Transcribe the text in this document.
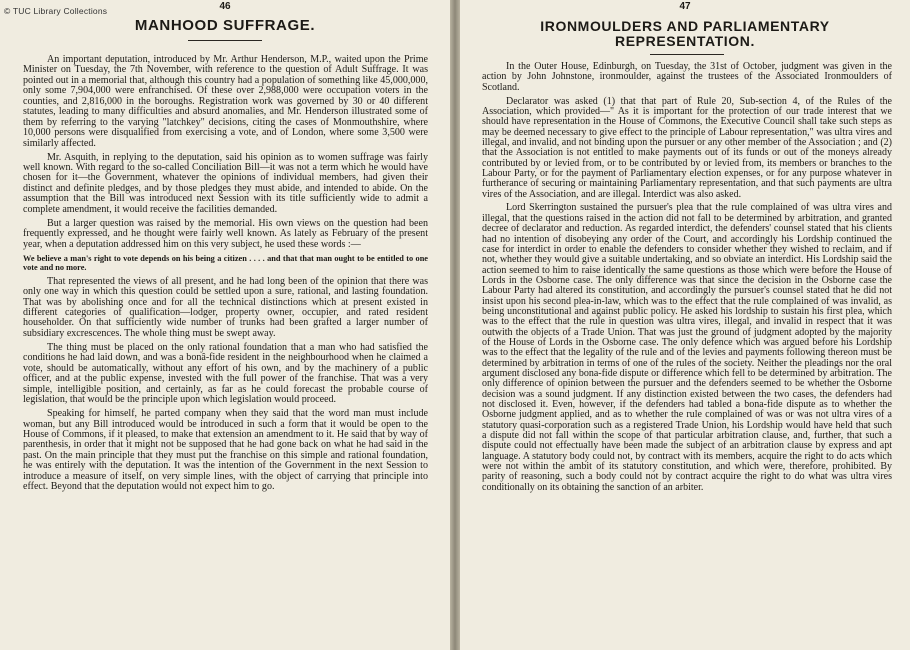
© TUC Library Collections	46
MANHOOD SUFFRAGE.

An important deputation, introduced by Mr. Arthur Henderson, M.P., waited upon the Prime Minister on Tuesday, the 7th November, with reference to the question of Adult Suffrage. It was pointed out in a memorial that, although this country had a population of something like 45,000,000, only some 7,904,000 were enfranchised. Of these over 2,988,000 were occupation voters in the counties, and 2,816,000 in the boroughs. Registration work was governed by 30 or 40 different statutes, leading to many difficulties and absurd anomalies, and Mr. Henderson illustrated some of them by referring to the varying "latchkey" decisions, citing the cases of Monmouthshire, where 10,000 persons were disqualified from exercising a vote, and of London, where some 3,500 were similarly affected.

Mr. Asquith, in replying to the deputation, said his opinion as to women suffrage was fairly well known. With regard to the so-called Conciliation Bill—it was not a term which he would have chosen for it—the Government, whatever the opinions of individual members, had given their distinct and definite pledges, and by those pledges they must abide, and intended to abide. On the assumption that the Bill was introduced next Session with its title sufficiently wide to admit a complete amendment, it would receive the facilities demanded.

But a larger question was raised by the memorial. His own views on the question had been frequently expressed, and he thought were fairly well known. As lately as February of the present year, when a deputation addressed him on this very subject, he used these words :—

We believe a man's right to vote depends on his being a citizen . . . . and that that man ought to be entitled to one vote and no more.

That represented the views of all present, and he had long been of the opinion that there was only one way in which this question could be settled upon a sure, rational, and lasting foundation. That was by abolishing once and for all the technical distinctions which at present existed in different categories of qualification—lodger, property owner, occupier, and rated resident householder. On that sufficiently wide number of trunks had been grafted a larger number of subsidiary excrescences. The whole thing must be swept away.

The thing must be placed on the only rational foundation that a man who had satisfied the conditions he had laid down, and was a bonâ-fide resident in the neighbourhood when he claimed a vote, should be automatically, without any effort of his own, and by the machinery of a public officer, and at the public expense, invested with the full power of the franchise. That was a very simple, intelligible position, and certainly, as far as he could forecast the probable course of legislation, that would be the principle upon which legislation would proceed.

Speaking for himself, he parted company when they said that the word man must include woman, but any Bill introduced would be introduced in such a form that it would be open to the House of Commons, if it pleased, to make that extension an amendment to it. He said that by way of parenthesis, in order that it might not be supposed that he had gone back on what he had said in the past. On the main principle that they must put the franchise on this simple and rational foundation, he was entirely with the deputation. It was the intention of the Government in the next Session to introduce a measure of itself, on very simple lines, with the object of carrying that principle into effect. Beyond that the deputation would not expect him to go.

47
IRONMOULDERS AND PARLIAMENTARY
REPRESENTATION.

In the Outer House, Edinburgh, on Tuesday, the 31st of October, judgment was given in the action by John Johnstone, ironmoulder, against the trustees of the Associated Ironmoulders of Scotland.

Declarator was asked (1) that that part of Rule 20, Sub-section 4, of the Rules of the Association, which provided—" As it is important for the protection of our trade interest that we should have representation in the House of Commons, the Executive Council shall take such steps as may be deemed necessary to give effect to the principle of Labour representation," was ultra vires and illegal, and invalid, and not binding upon the pursuer or any other member of the Association ; and (2) that the Association is not entitled to make payments out of its funds or out of the moneys already contributed by or levied from, or to be contributed by or levied from, its members or branches to the Labour Party, or for the payment of Parliamentary election expenses, or for any purpose whatever in furtherance of securing or maintaining Parliamentary representation, and that such payments are ultra vires of the Association, and are illegal. Interdict was also asked.

Lord Skerrington sustained the pursuer's plea that the rule complained of was ultra vires and illegal, that the questions raised in the action did not fall to be determined by arbitration, and granted decree of declarator and reduction. As regarded interdict, the defenders' counsel stated that his clients had no intention of disobeying any order of the Court, and accordingly his Lordship continued the case for interdict in order to enable the defenders to consider whether they wished to reclaim, and if not, whether they would give a suitable undertaking, and so obviate an interdict. His Lordship said the action seemed to him to raise identically the same questions as those which were before the House of Lords in the Osborne case. The only difference was that since the decision in the Osborne case the Labour Party had altered its constitution, and accordingly the pursuer's counsel stated that he did not insist upon his second plea-in-law, which was to the effect that the rule complained of was invalid, as being unconstitutional and against public policy. He asked his lordship to sustain his first plea, which was to the effect that the rule in question was ultra vires, illegal, and invalid in respect that it was outwith the objects of a Trade Union. That was just the ground of judgment adopted by the majority of the House of Lords in the Osborne case. The only defence which was argued before his Lordship was to the effect that the legality of the rule and of the levies and payments following thereon must be determined by arbitration in terms of one of the rules of the society. Neither the pleadings nor the oral argument disclosed any bona-fide dispute or difference which fell to be determined by arbitration. The only difference of opinion between the pursuer and the defenders seemed to be whether the Osborne decision was a sound judgment. If any distinction existed between the two cases, the defenders had not disclosed it. Even, however, if the defenders had tabled a bona-fide dispute as to whether the Osborne judgment applied, and as to whether the rule complained of was or was not ultra vires of a statutory quasi-corporation such as a registered Trade Union, his Lordship would have held that such a dispute did not fall within the scope of that particular arbitration clause, and, further, that such a dispute could not effectually have been made the subject of an arbitration clause by express and apt language. A statutory body could not, by contract with its members, acquire the right to do acts which were not within the ambit of its statutory constitution, and which were, therefore, prohibited. By parity of reasoning, such a body could not by contract acquire the right to do what was ultra vires conditionally on its obtaining the sanction of an arbiter.
